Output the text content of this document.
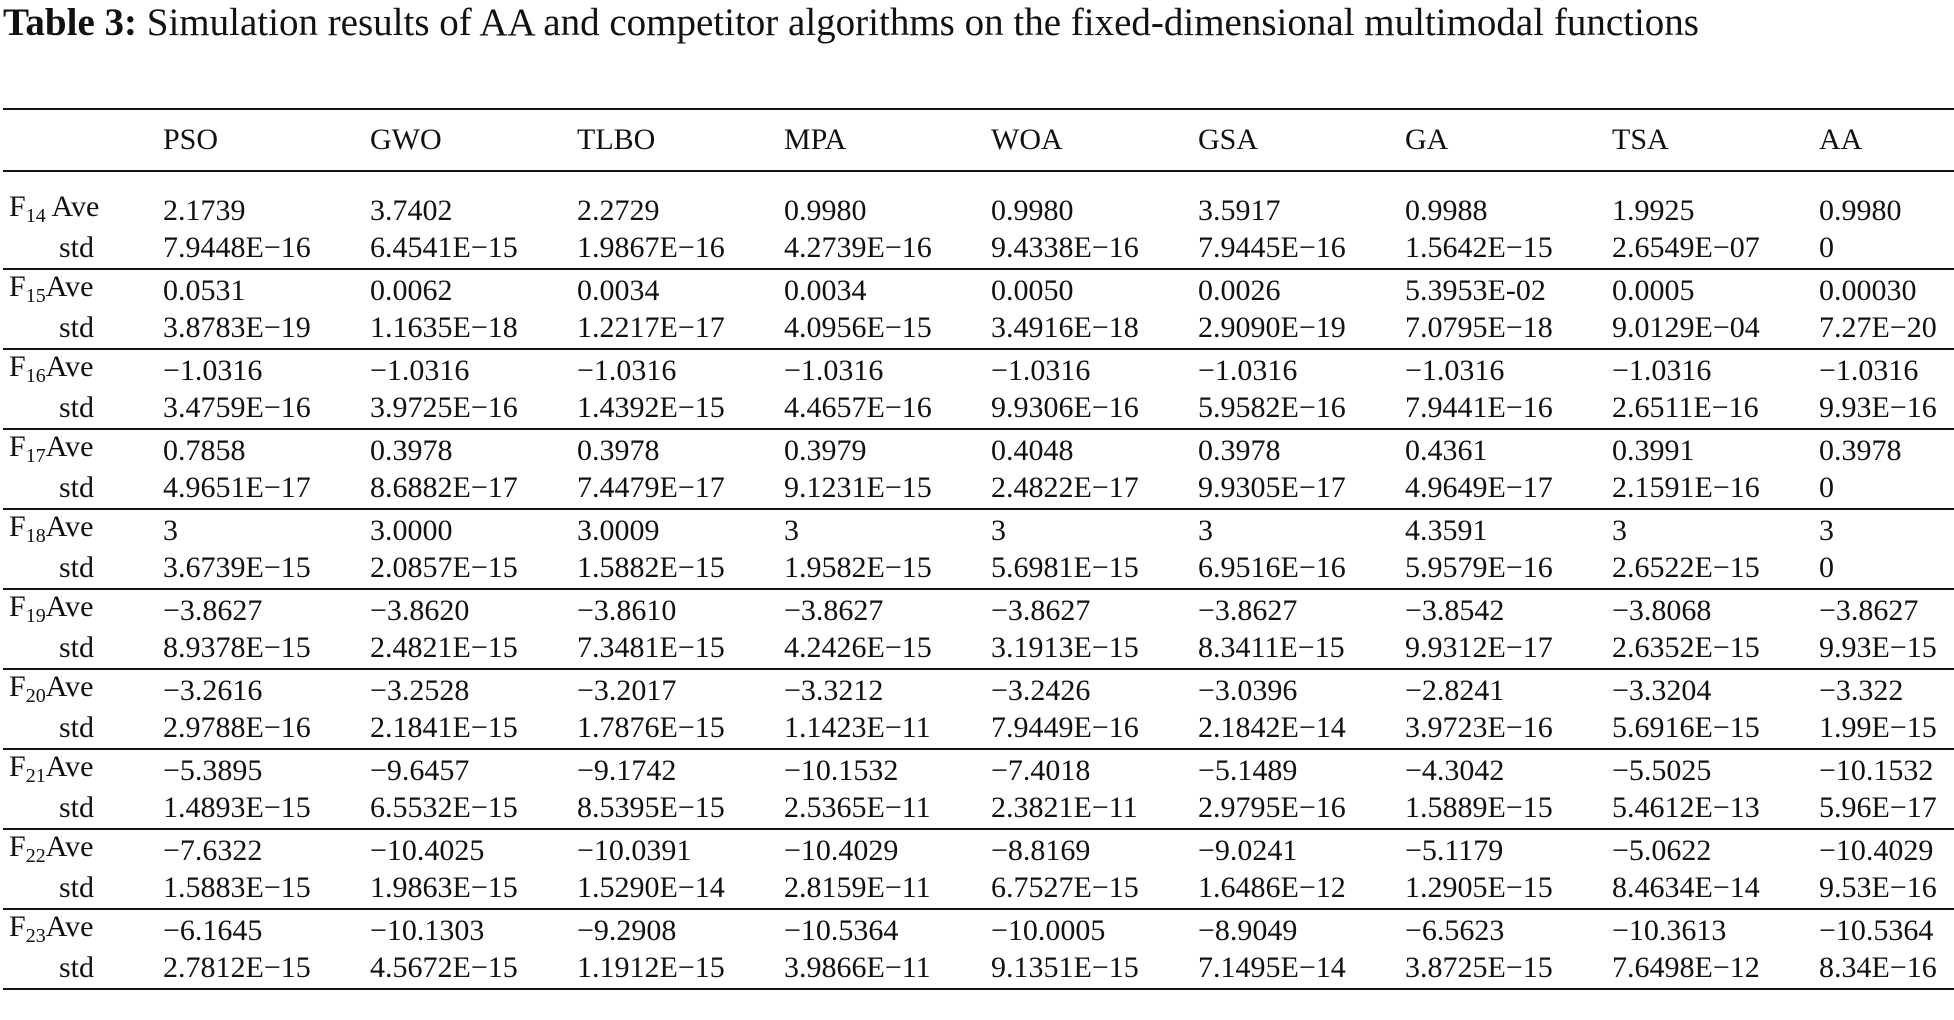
Table 3: Simulation results of AA and competitor algorithms on the fixed-dimensional multimodal functions
	PSO	GWO	TLBO	MPA	WOA	GSA	GA	TSA	AA

$F_{14}$ Ave	2.1739	3.7402	2.2729	0.9980	0.9980	3.5917	0.9988	1.9925	0.9980
std	7.9448E−16	6.4541E−15	1.9867E−16	4.2739E−16	9.4338E−16	7.9445E−16	1.5642E−15	2.6549E−07	0
$F_{15}Ave$	0.0531	0.0062	0.0034	0.0034	0.0050	0.0026	5.3953E-02	0.0005	0.00030
std	3.8783E−19	1.1635E−18	1.2217E−17	4.0956E−15	3.4916E−18	2.9090E−19	7.0795E−18	9.0129E−04	7.27E−20
$F_{16}Ave$	−1.0316	−1.0316	−1.0316	−1.0316	−1.0316	−1.0316	−1.0316	−1.0316	−1.0316
std	3.4759E−16	3.9725E−16	1.4392E−15	4.4657E−16	9.9306E−16	5.9582E−16	7.9441E−16	2.6511E−16	9.93E−16
$F_{17}Ave$	0.7858	0.3978	0.3978	0.3979	0.4048	0.3978	0.4361	0.3991	0.3978
std	4.9651E−17	8.6882E−17	7.4479E−17	9.1231E−15	2.4822E−17	9.9305E−17	4.9649E−17	2.1591E−16	0
$F_{18}Ave$	3	3.0000	3.0009	3	3	3	4.3591	3	3
std	3.6739E−15	2.0857E−15	1.5882E−15	1.9582E−15	5.6981E−15	6.9516E−16	5.9579E−16	2.6522E−15	0
$F_{19}Ave$	−3.8627	−3.8620	−3.8610	−3.8627	−3.8627	−3.8627	−3.8542	−3.8068	−3.8627
std	8.9378E−15	2.4821E−15	7.3481E−15	4.2426E−15	3.1913E−15	8.3411E−15	9.9312E−17	2.6352E−15	9.93E−15
$F_{20}Ave$	−3.2616	−3.2528	−3.2017	−3.3212	−3.2426	−3.0396	−2.8241	−3.3204	−3.322
std	2.9788E−16	2.1841E−15	1.7876E−15	1.1423E−11	7.9449E−16	2.1842E−14	3.9723E−16	5.6916E−15	1.99E−15
$F_{21}Ave$	−5.3895	−9.6457	−9.1742	−10.1532	−7.4018	−5.1489	−4.3042	−5.5025	−10.1532
std	1.4893E−15	6.5532E−15	8.5395E−15	2.5365E−11	2.3821E−11	2.9795E−16	1.5889E−15	5.4612E−13	5.96E−17
$F_{22}Ave$	−7.6322	−10.4025	−10.0391	−10.4029	−8.8169	−9.0241	−5.1179	−5.0622	−10.4029
std	1.5883E−15	1.9863E−15	1.5290E−14	2.8159E−11	6.7527E−15	1.6486E−12	1.2905E−15	8.4634E−14	9.53E−16
$F_{23}Ave$	−6.1645	−10.1303	−9.2908	−10.5364	−10.0005	−8.9049	−6.5623	−10.3613	−10.5364
std	2.7812E−15	4.5672E−15	1.1912E−15	3.9866E−11	9.1351E−15	7.1495E−14	3.8725E−15	7.6498E−12	8.34E−16
